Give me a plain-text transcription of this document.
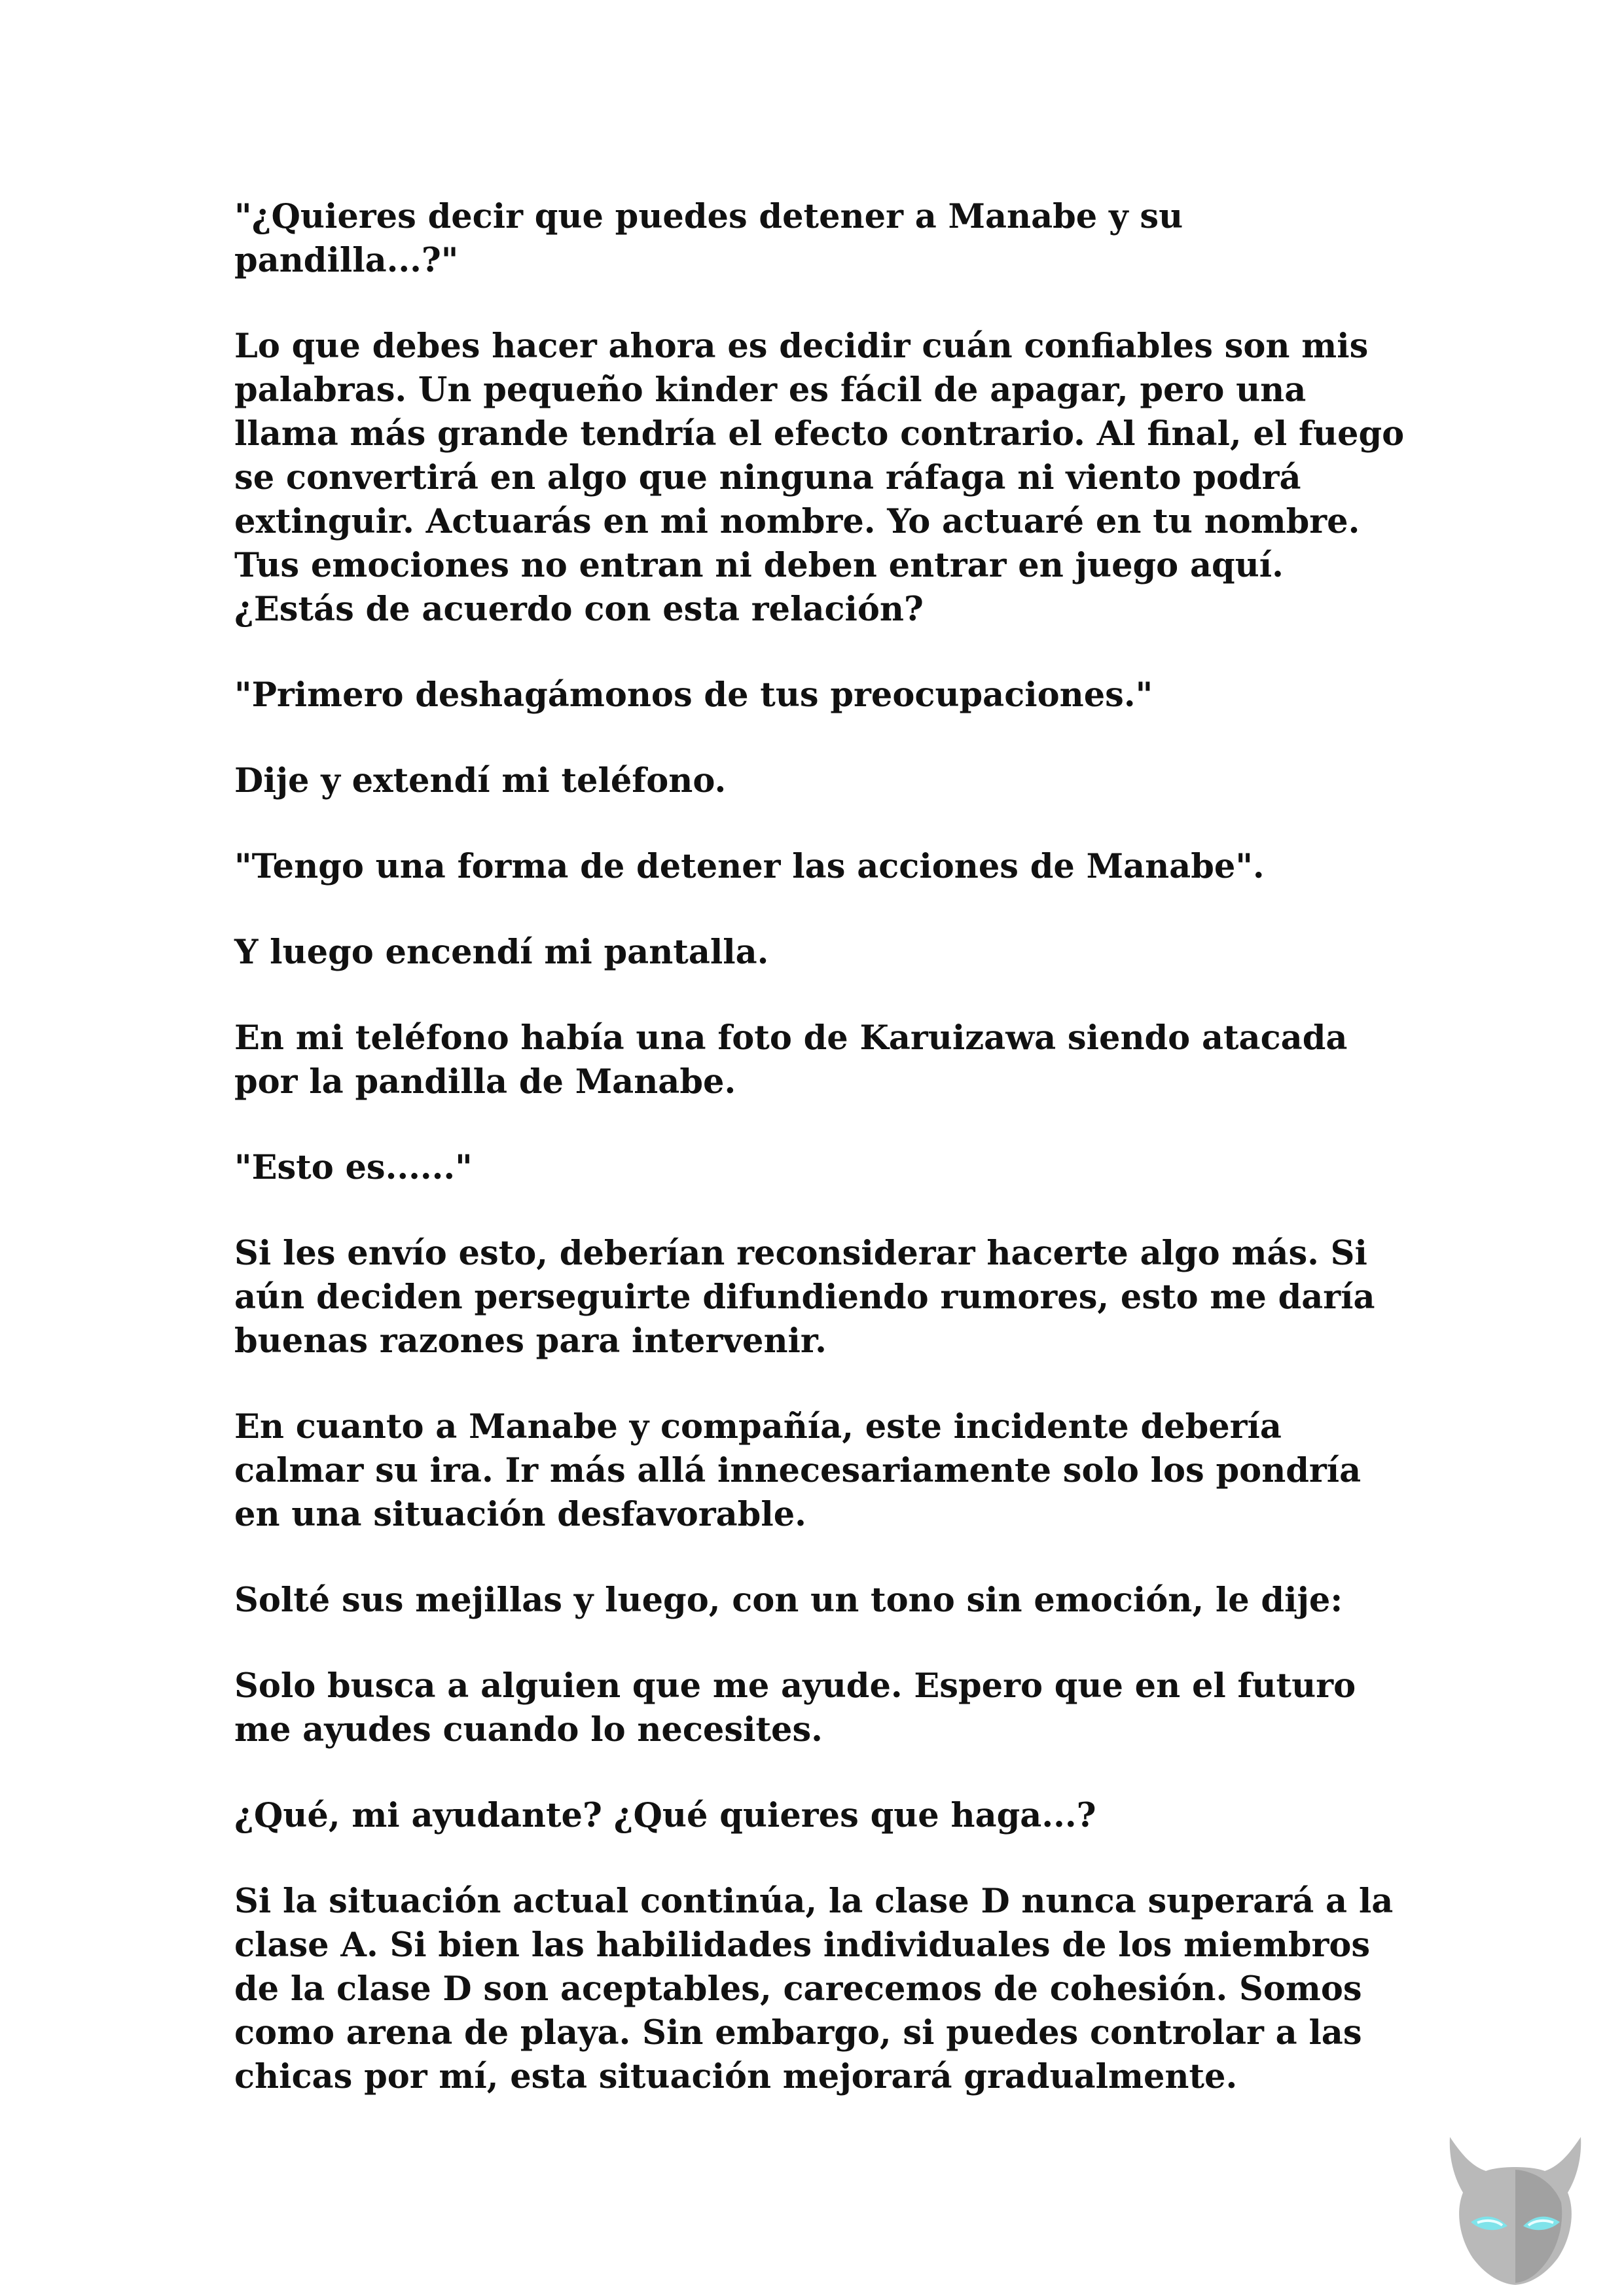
"¿Quieres decir que puedes detener a Manabe y su pandilla...?"

Lo que debes hacer ahora es decidir cuán confiables son mis palabras. Un pequeño kinder es fácil de apagar, pero una llama más grande tendría el efecto contrario. Al final, el fuego se convertirá en algo que ninguna ráfaga ni viento podrá extinguir. Actuarás en mi nombre. Yo actuaré en tu nombre. Tus emociones no entran ni deben entrar en juego aquí. ¿Estás de acuerdo con esta relación?

"Primero deshagámonos de tus preocupaciones."

Dije y extendí mi teléfono.

"Tengo una forma de detener las acciones de Manabe".

Y luego encendí mi pantalla.

En mi teléfono había una foto de Karuizawa siendo atacada por la pandilla de Manabe.

"Esto es......"

Si les envío esto, deberían reconsiderar hacerte algo más. Si aún deciden perseguirte difundiendo rumores, esto me daría buenas razones para intervenir.

En cuanto a Manabe y compañía, este incidente debería calmar su ira. Ir más allá innecesariamente solo los pondría en una situación desfavorable.

Solté sus mejillas y luego, con un tono sin emoción, le dije:

Solo busca a alguien que me ayude. Espero que en el futuro me ayudes cuando lo necesites.

¿Qué, mi ayudante? ¿Qué quieres que haga...?

Si la situación actual continúa, la clase D nunca superará a la clase A. Si bien las habilidades individuales de los miembros de la clase D son aceptables, carecemos de cohesión. Somos como arena de playa. Sin embargo, si puedes controlar a las chicas por mí, esta situación mejorará gradualmente.
